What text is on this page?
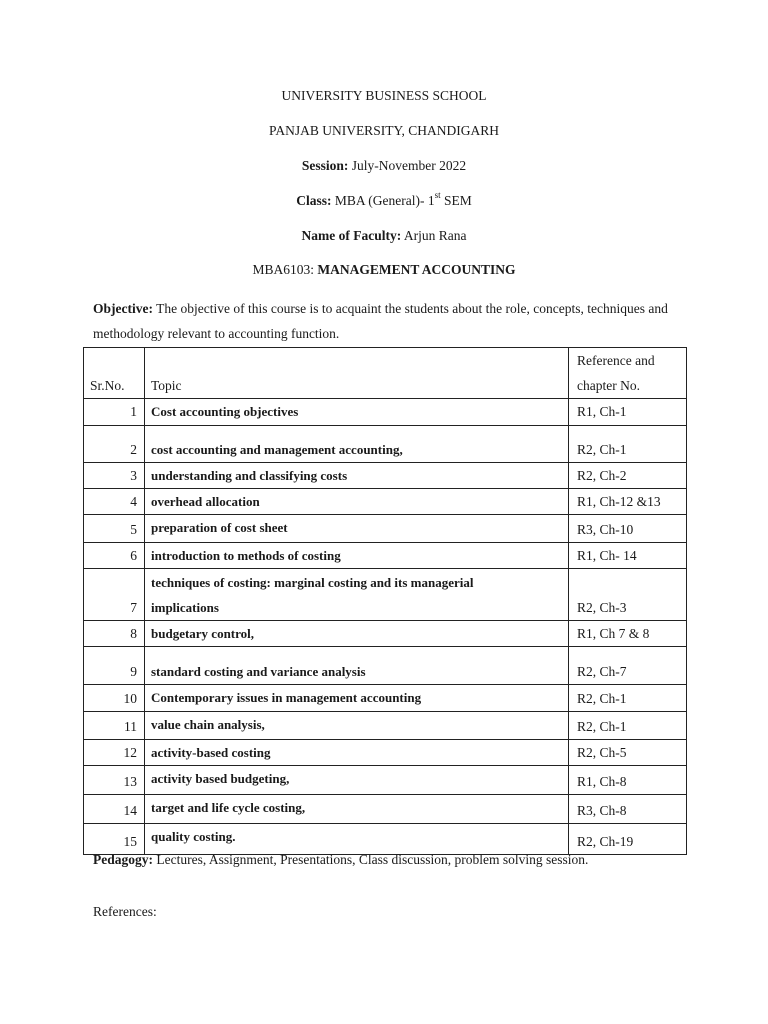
UNIVERSITY BUSINESS SCHOOL
PANJAB UNIVERSITY, CHANDIGARH
Session: July-November 2022
Class: MBA (General)- 1st SEM
Name of Faculty: Arjun Rana
MBA6103: MANAGEMENT ACCOUNTING
Objective: The objective of this course is to acquaint the students about the role, concepts, techniques and methodology relevant to accounting function.
Sr.No.	Topic	Reference and
chapter No.

1	Cost accounting objectives	R1, Ch-1
2	cost accounting and management accounting,	R2, Ch-1
3	understanding and classifying costs	R2, Ch-2
4	overhead allocation	R1, Ch-12 &13
5	preparation of cost sheet	R3, Ch-10
6	introduction to methods of costing	R1, Ch- 14
7	techniques of costing: marginal costing and its managerial
implications	R2, Ch-3
8	budgetary control,	R1, Ch 7 & 8
9	standard costing and variance analysis	R2, Ch-7
10	Contemporary issues in management accounting	R2, Ch-1
11	value chain analysis,	R2, Ch-1
12	activity-based costing	R2, Ch-5
13	activity based budgeting,	R1, Ch-8
14	target and life cycle costing,	R3, Ch-8
15	quality costing.	R2, Ch-19
Pedagogy: Lectures, Assignment, Presentations, Class discussion, problem solving session.
References:
